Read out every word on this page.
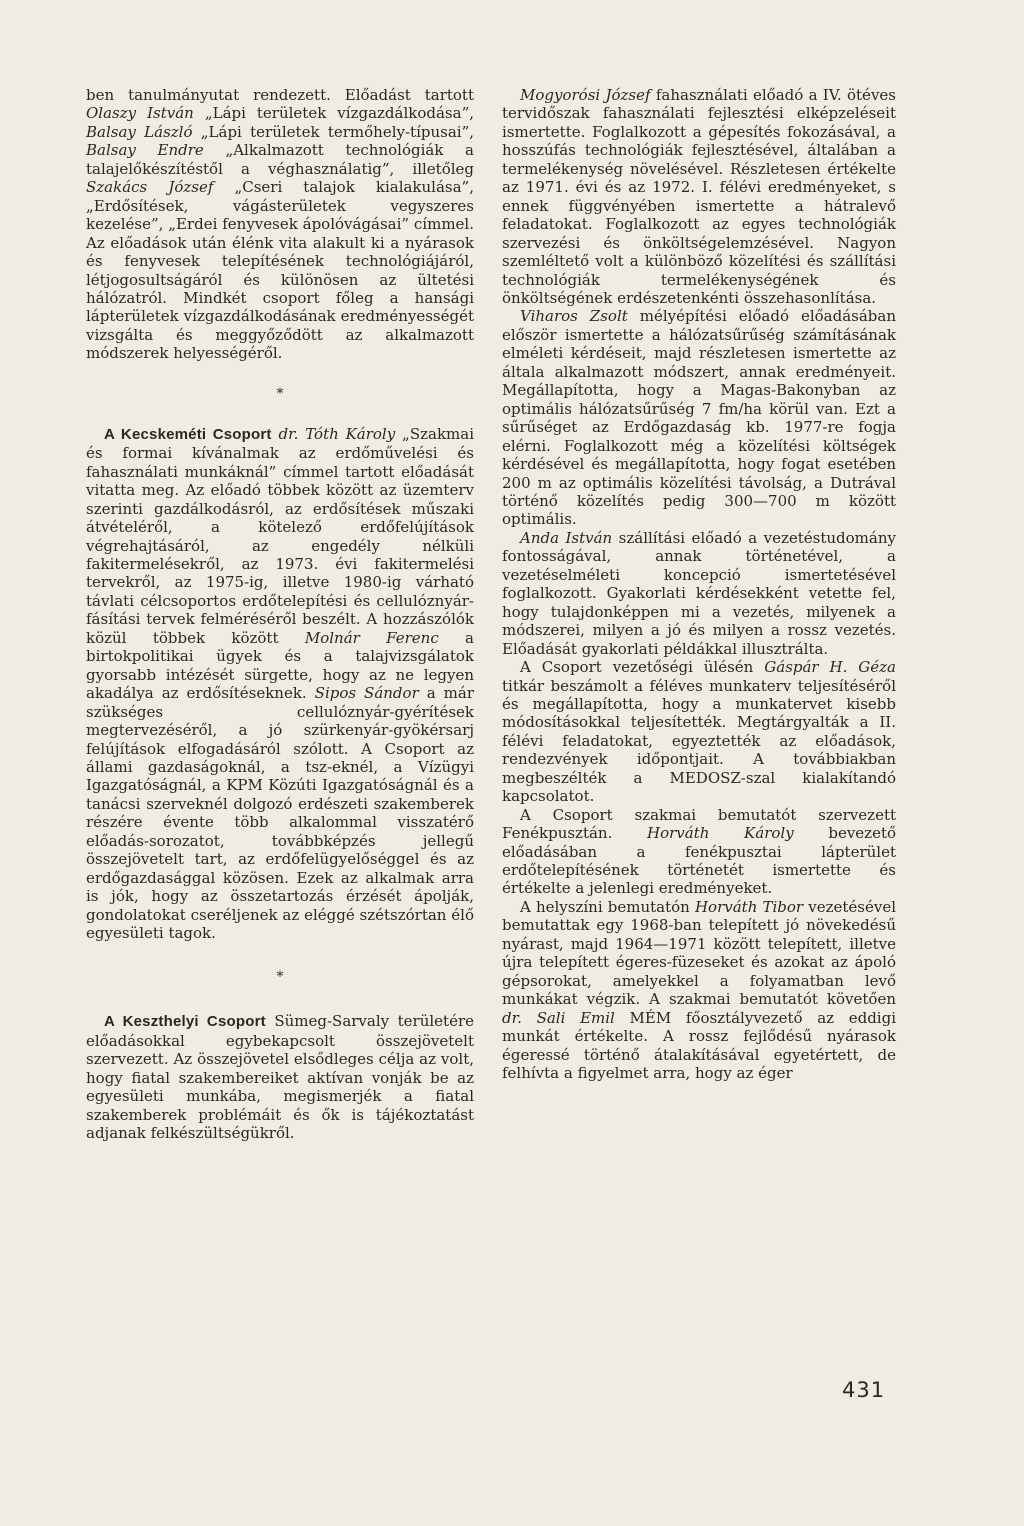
ben tanulmányutat rendezett. Előadást tartott Olaszy István „Lápi területek vízgazdálkodása”, Balsay László „Lápi területek termőhely-típusai”, Balsay Endre „Alkalmazott technológiák a talajelőkészítéstől a véghasználatig”, illetőleg Szakács József „Cseri talajok kialakulása”, „Erdősítések, vágásterületek vegyszeres kezelése”, „Erdei fenyvesek ápolóvágásai” címmel. Az előadások után élénk vita alakult ki a nyárasok és fenyvesek telepítésének technológiájáról, létjogosultságáról és különösen az ültetési hálózatról. Mindkét csoport főleg a hansági lápterületek vízgazdálkodásának eredményességét vizsgálta és meggyőződött az alkalmazott módszerek helyességéről.

*

A Kecskeméti Csoport dr. Tóth Károly „Szakmai és formai kívánalmak az erdőművelési és fahasználati munkáknál” címmel tartott előadását vitatta meg. Az előadó többek között az üzemterv szerinti gazdálkodásról, az erdősítések műszaki átvételéről, a kötelező erdőfelújítások végrehajtásáról, az engedély nélküli fakitermelésekről, az 1973. évi fakitermelési tervekről, az 1975-ig, illetve 1980-ig várható távlati célcsoportos erdőtelepítési és cellulóznyár-fásítási tervek felméréséről beszélt. A hozzászólók közül többek között Molnár Ferenc a birtokpolitikai ügyek és a talajvizsgálatok gyorsabb intézését sürgette, hogy az ne legyen akadálya az erdősítéseknek. Sipos Sándor a már szükséges cellulóznyár-gyérítések megtervezéséről, a jó szürkenyár-gyökérsarj felújítások elfogadásáról szólott. A Csoport az állami gazdaságoknál, a tsz-eknél, a Vízügyi Igazgatóságnál, a KPM Közúti Igazgatóságnál és a tanácsi szerveknél dolgozó erdészeti szakemberek részére évente több alkalommal visszatérő előadás-sorozatot, továbbképzés jellegű összejövetelt tart, az erdőfelügyelőséggel és az erdőgazdasággal közösen. Ezek az alkalmak arra is jók, hogy az összetartozás érzését ápolják, gondolatokat cseréljenek az eléggé szétszórtan élő egyesületi tagok.

*

A Keszthelyi Csoport Sümeg-Sarvaly területére előadásokkal egybekapcsolt összejövetelt szervezett. Az összejövetel elsődleges célja az volt, hogy fiatal szakembereiket aktívan vonják be az egyesületi munkába, megismerjék a fiatal szakemberek problémáit és ők is tájékoztatást adjanak felkészültségükről.

Mogyorósi József fahasználati előadó a IV. ötéves tervidőszak fahasználati fejlesztési elképzeléseit ismertette. Foglalkozott a gépesítés fokozásával, a hosszúfás technológiák fejlesztésével, általában a termelékenység növelésével. Részletesen értékelte az 1971. évi és az 1972. I. félévi eredményeket, s ennek függvényében ismertette a hátralevő feladatokat. Foglalkozott az egyes technológiák szervezési és önköltségelemzésével. Nagyon szemléltető volt a különböző közelítési és szállítási technológiák termelékenységének és önköltségének erdészetenkénti összehasonlítása.

Viharos Zsolt mélyépítési előadó előadásában először ismertette a hálózatsűrűség számításának elméleti kérdéseit, majd részletesen ismertette az általa alkalmazott módszert, annak eredményeit. Megállapította, hogy a Magas-Bakonyban az optimális hálózatsűrűség 7 fm/ha körül van. Ezt a sűrűséget az Erdőgazdaság kb. 1977-re fogja elérni. Foglalkozott még a közelítési költségek kérdésével és megállapította, hogy fogat esetében 200 m az optimális közelítési távolság, a Dutrával történő közelítés pedig 300—700 m között optimális.

Anda István szállítási előadó a vezetéstudomány fontosságával, annak történetével, a vezetéselméleti koncepció ismertetésével foglalkozott. Gyakorlati kérdésekként vetette fel, hogy tulajdonképpen mi a vezetés, milyenek a módszerei, milyen a jó és milyen a rossz vezetés. Előadását gyakorlati példákkal illusztrálta.

A Csoport vezetőségi ülésén Gáspár H. Géza titkár beszámolt a féléves munkaterv teljesítéséről és megállapította, hogy a munkatervet kisebb módosításokkal teljesítették. Megtárgyalták a II. félévi feladatokat, egyeztették az előadások, rendezvények időpontjait. A továbbiakban megbeszélték a MEDOSZ-szal kialakítandó kapcsolatot.

A Csoport szakmai bemutatót szervezett Fenékpusztán. Horváth Károly bevezető előadásában a fenékpusztai lápterület erdőtelepítésének történetét ismertette és értékelte a jelenlegi eredményeket.

A helyszíni bemutatón Horváth Tibor vezetésével bemutattak egy 1968-ban telepített jó növekedésű nyárast, majd 1964—1971 között telepített, illetve újra telepített égeres-füzeseket és azokat az ápoló gépsorokat, amelyekkel a folyamatban levő munkákat végzik. A szakmai bemutatót követően dr. Sali Emil MÉM főosztályvezető az eddigi munkát értékelte. A rossz fejlődésű nyárasok égeressé történő átalakításával egyetértett, de felhívta a figyelmet arra, hogy az éger

431
